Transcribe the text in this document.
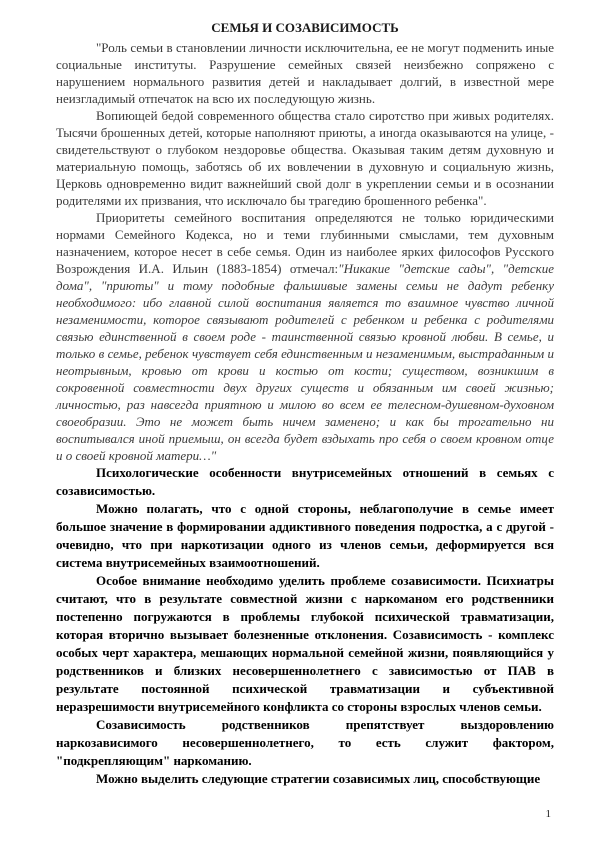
СЕМЬЯ И СОЗАВИСИМОСТЬ

"Роль семьи в становлении личности исключительна, ее не могут подменить иные социальные институты. Разрушение семейных связей неизбежно сопряжено с нарушением нормального развития детей и накладывает долгий, в известной мере неизгладимый отпечаток на всю их последующую жизнь.

Вопиющей бедой современного общества стало сиротство при живых родителях. Тысячи брошенных детей, которые наполняют приюты, а иногда оказываются на улице, - свидетельствуют о глубоком нездоровье общества. Оказывая таким детям духовную и материальную помощь, заботясь об их вовлечении в духовную и социальную жизнь, Церковь одновременно видит важнейший свой долг в укреплении семьи и в осознании родителями их призвания, что исключало бы трагедию брошенного ребенка".

Приоритеты семейного воспитания определяются не только юридическими нормами Семейного Кодекса, но и теми глубинными смыслами, тем духовным назначением, которое несет в себе семья. Один из наиболее ярких философов Русского Возрождения И.А. Ильин (1883-1854) отмечал:"Никакие "детские сады", "детские дома", "приюты" и тому подобные фальшивые замены семьи не дадут ребенку необходимого: ибо главной силой воспитания является то взаимное чувство личной незаменимости, которое связывают родителей с ребенком и ребенка с родителями связью единственной в своем роде - таинственной связью кровной любви. В семье, и только в семье, ребенок чувствует себя единственным и незаменимым, выстраданным и неотрывным, кровью от крови и костью от кости; существом, возникшим в сокровенной совместности двух других существ и обязанным им своей жизнью; личностью, раз навсегда приятною и милою во всем ее телесном-душевном-духовном своеобразии. Это не может быть ничем заменено; и как бы трогательно ни воспитывался иной приемыш, он всегда будет вздыхать про себя о своем кровном отце и о своей кровной матери…"

Психологические особенности внутрисемейных отношений в семьях с созависимостью.

Можно полагать, что с одной стороны, неблагополучие в семье имеет большое значение в формировании аддиктивного поведения подростка, а с другой - очевидно, что при наркотизации одного из членов семьи, деформируется вся система внутрисемейных взаимоотношений.

Особое внимание необходимо уделить проблеме созависимости. Психиатры считают, что в результате совместной жизни с наркоманом его родственники постепенно погружаются в проблемы глубокой психической травматизации, которая вторично вызывает болезненные отклонения. Созависимость - комплекс особых черт характера, мешающих нормальной семейной жизни, появляющийся у родственников и близких несовершеннолетнего с зависимостью от ПАВ в результате постоянной психической травматизации и субъективной неразрешимости внутрисемейного конфликта со стороны взрослых членов семьи.

Созависимость родственников препятствует выздоровлению наркозависимого несовершеннолетнего, то есть служит фактором, "подкрепляющим" наркоманию.

Можно выделить следующие стратегии созависимых лиц, способствующие

1
